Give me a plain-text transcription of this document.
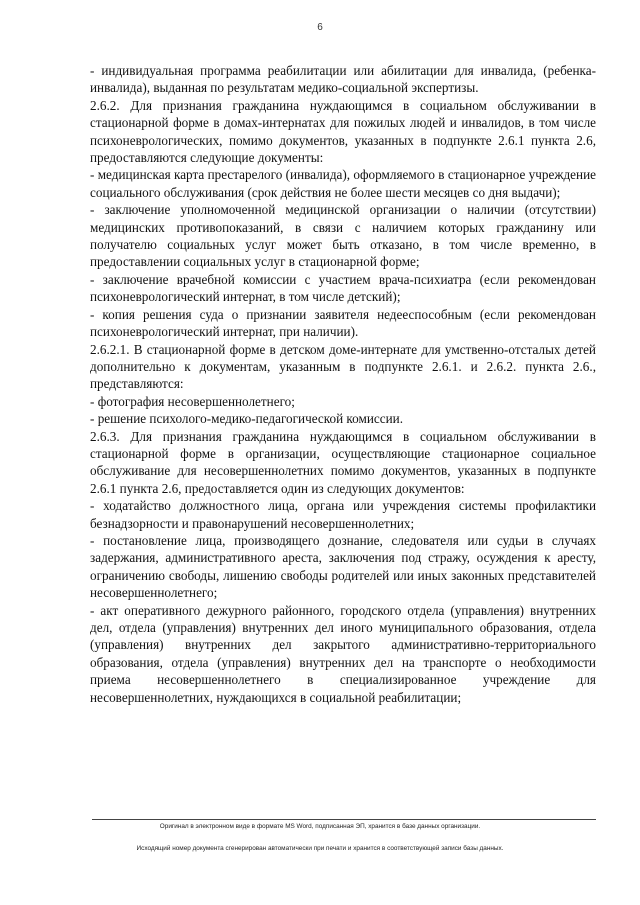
6

- индивидуальная программа реабилитации или абилитации для инвалида, (ребенка-инвалида), выданная по результатам медико-социальной экспертизы.

2.6.2. Для признания гражданина нуждающимся в социальном обслуживании в стационарной форме в домах-интернатах для пожилых людей и инвалидов, в том числе психоневрологических, помимо документов, указанных в подпункте 2.6.1 пункта 2.6, предоставляются следующие документы:

- медицинская карта престарелого (инвалида), оформляемого в стационарное учреждение социального обслуживания (срок действия не более шести месяцев со дня выдачи);

- заключение уполномоченной медицинской организации о наличии (отсутствии) медицинских противопоказаний, в связи с наличием которых гражданину или получателю социальных услуг может быть отказано, в том числе временно, в предоставлении социальных услуг в стационарной форме;

- заключение врачебной комиссии с участием врача-психиатра (если рекомендован психоневрологический интернат, в том числе детский);

- копия решения суда о признании заявителя недееспособным (если рекомендован психоневрологический интернат, при наличии).

2.6.2.1. В стационарной форме в детском доме-интернате для умственно-отсталых детей дополнительно к документам, указанным в подпункте 2.6.1. и 2.6.2. пункта 2.6., представляются:

- фотография несовершеннолетнего;

- решение психолого-медико-педагогической комиссии.

2.6.3. Для признания гражданина нуждающимся в социальном обслуживании в стационарной форме в организации, осуществляющие стационарное социальное обслуживание для несовершеннолетних помимо документов, указанных в подпункте 2.6.1 пункта 2.6, предоставляется один из следующих документов:

- ходатайство должностного лица, органа или учреждения системы профилактики безнадзорности и правонарушений несовершеннолетних;

- постановление лица, производящего дознание, следователя или судьи в случаях задержания, административного ареста, заключения под стражу, осуждения к аресту, ограничению свободы, лишению свободы родителей или иных законных представителей несовершеннолетнего;

- акт оперативного дежурного районного, городского отдела (управления) внутренних дел, отдела (управления) внутренних дел иного муниципального образования, отдела (управления) внутренних дел закрытого административно-территориального образования, отдела (управления) внутренних дел на транспорте о необходимости приема несовершеннолетнего в специализированное учреждение для несовершеннолетних, нуждающихся в социальной реабилитации;

Оригинал в электронном виде в формате MS Word, подписанная ЭП, хранится в базе данных организации.
Исходящий номер документа сгенерирован автоматически при печати и хранится в соответствующей записи базы данных.
